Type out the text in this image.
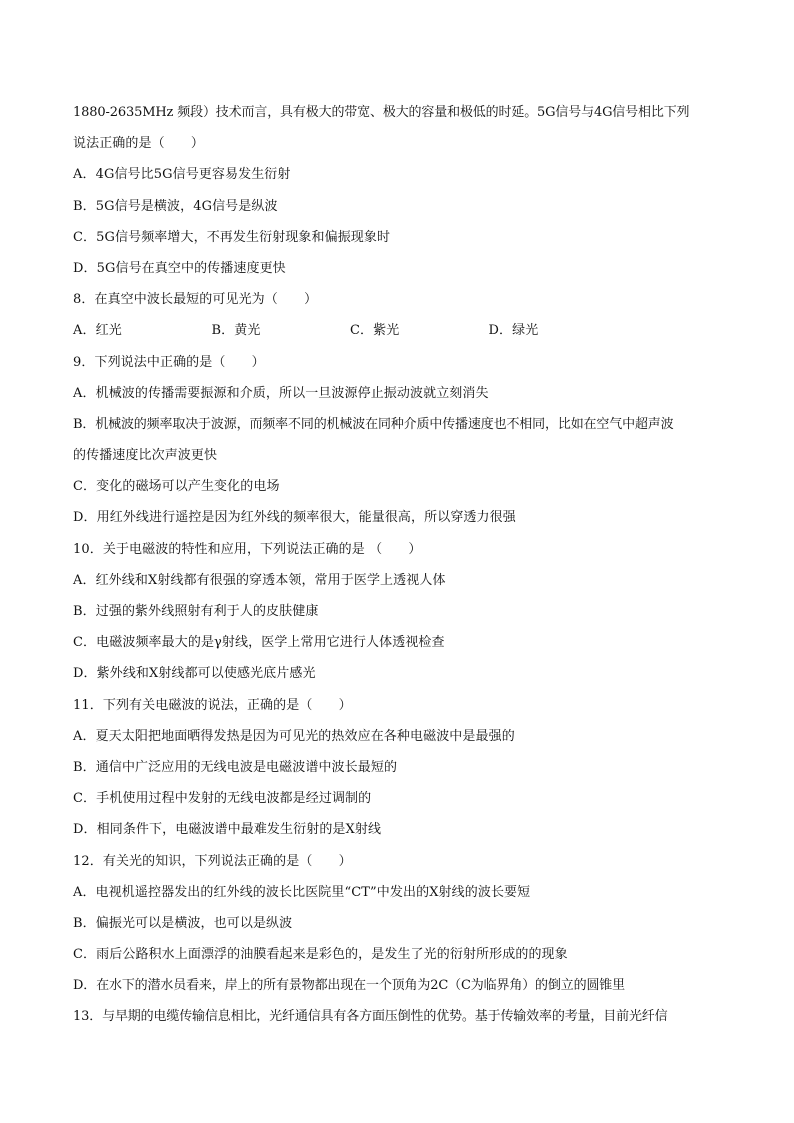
1880-2635MHz 频段）技术而言，具有极大的带宽、极大的容量和极低的时延。5G信号与4G信号相比下列
说法正确的是（　　）
A．4G信号比5G信号更容易发生衍射
B．5G信号是横波，4G信号是纵波
C．5G信号频率增大，不再发生衍射现象和偏振现象时
D．5G信号在真空中的传播速度更快
8．在真空中波长最短的可见光为（　　）
A．红光	B．黄光	C．紫光	D．绿光
9．下列说法中正确的是（　　）
A．机械波的传播需要振源和介质，所以一旦波源停止振动波就立刻消失
B．机械波的频率取决于波源，而频率不同的机械波在同种介质中传播速度也不相同，比如在空气中超声波
的传播速度比次声波更快
C．变化的磁场可以产生变化的电场
D．用红外线进行遥控是因为红外线的频率很大，能量很高，所以穿透力很强
10．关于电磁波的特性和应用，下列说法正确的是 （　　）
A．红外线和X射线都有很强的穿透本领，常用于医学上透视人体
B．过强的紫外线照射有利于人的皮肤健康
C．电磁波频率最大的是γ射线，医学上常用它进行人体透视检查
D．紫外线和X射线都可以使感光底片感光
11．下列有关电磁波的说法，正确的是（　　）
A．夏天太阳把地面晒得发热是因为可见光的热效应在各种电磁波中是最强的
B．通信中广泛应用的无线电波是电磁波谱中波长最短的
C．手机使用过程中发射的无线电波都是经过调制的
D．相同条件下，电磁波谱中最难发生衍射的是X射线
12．有关光的知识，下列说法正确的是（　　）
A．电视机遥控器发出的红外线的波长比医院里“CT”中发出的X射线的波长要短
B．偏振光可以是横波，也可以是纵波
C．雨后公路积水上面漂浮的油膜看起来是彩色的，是发生了光的衍射所形成的的现象
D．在水下的潜水员看来，岸上的所有景物都出现在一个顶角为2C（C为临界角）的倒立的圆锥里
13．与早期的电缆传输信息相比，光纤通信具有各方面压倒性的优势。基于传输效率的考量，目前光纤信
